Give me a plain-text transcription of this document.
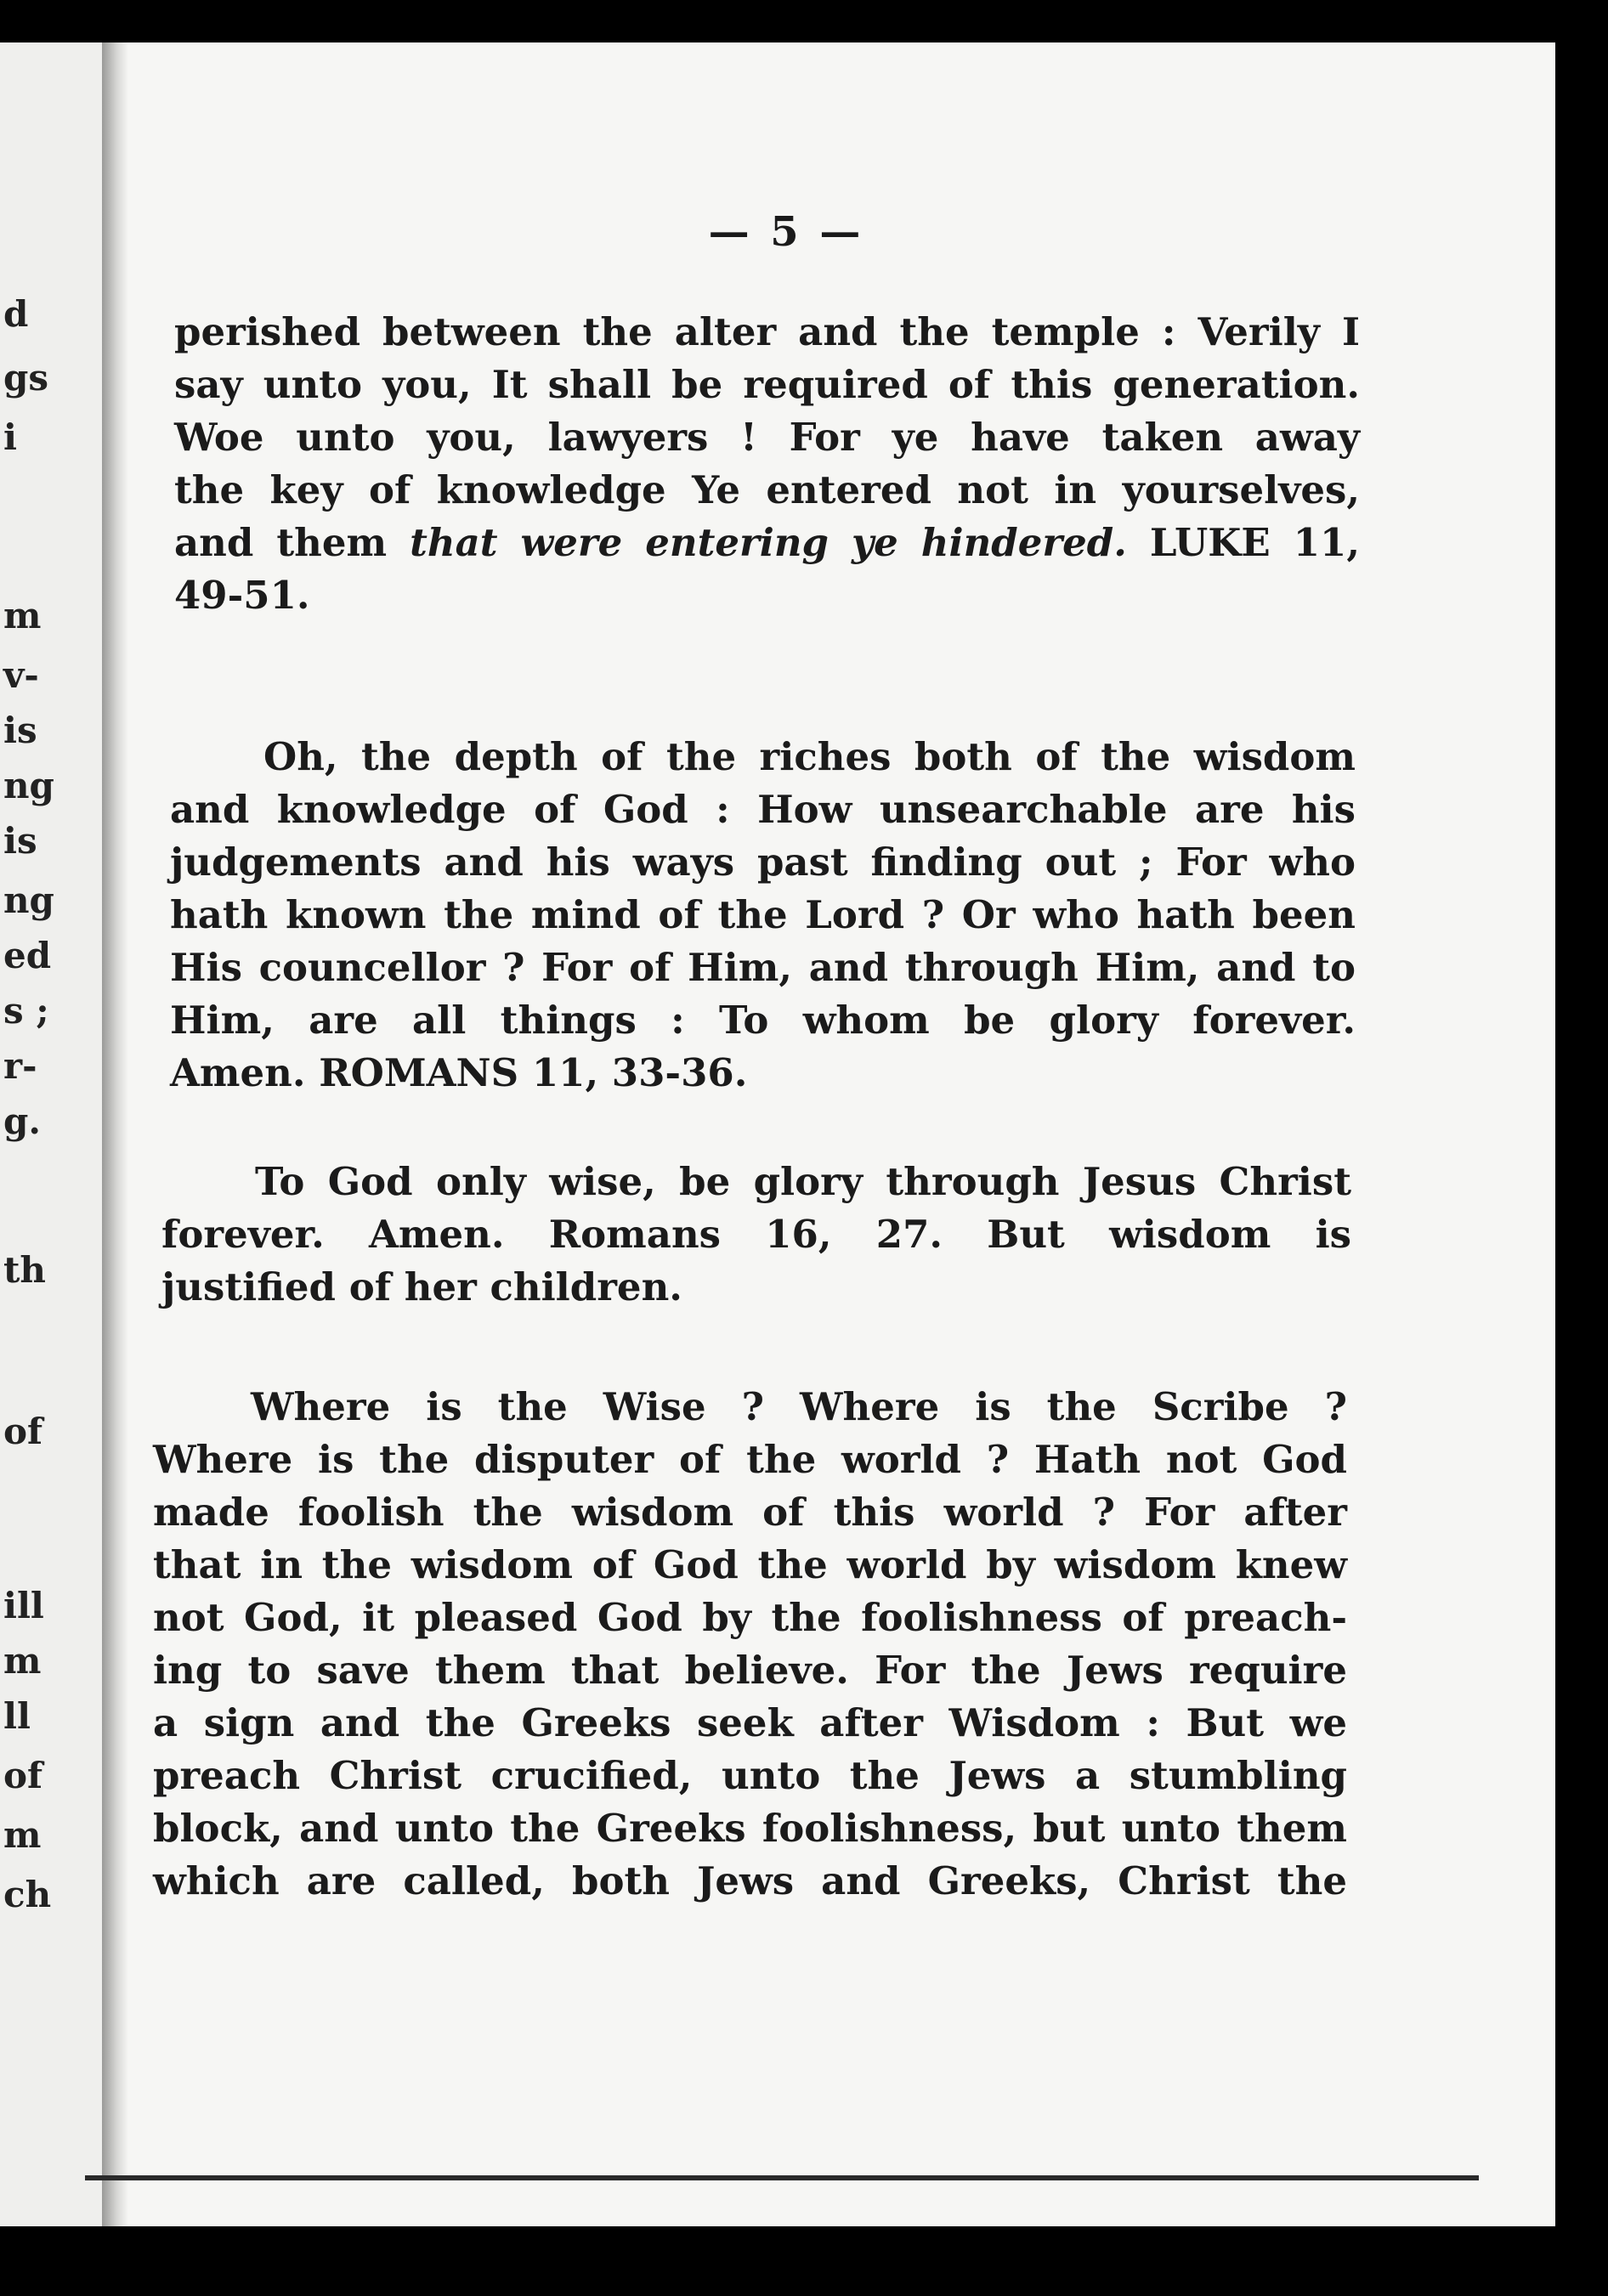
d
gs
i
m
v-
is
ng
is
ng
ed
s ;
r-
g.
th
of
ill
m
ll
of
m
ch
— 5 —
perished between the alter and the temple : Verily I
say unto you, It shall be required of this generation.
Woe unto you, lawyers ! For ye have taken away
the key of knowledge Ye entered not in yourselves,
and them that were entering ye hindered. LUKE 11,
49-51.
Oh, the depth of the riches both of the wisdom
and knowledge of God : How unsearchable are his
judgements and his ways past finding out ; For who
hath known the mind of the Lord ? Or who hath been
His councellor ? For of Him, and through Him, and to
Him, are all things : To whom be glory forever.
Amen. ROMANS 11, 33-36.
To God only wise, be glory through Jesus Christ
forever. Amen. Romans 16, 27. But wisdom is
justified of her children.
Where is the Wise ? Where is the Scribe ?
Where is the disputer of the world ? Hath not God
made foolish the wisdom of this world ? For after
that in the wisdom of God the world by wisdom knew
not God, it pleased God by the foolishness of preach-
ing to save them that believe. For the Jews require
a sign and the Greeks seek after Wisdom : But we
preach Christ crucified, unto the Jews a stumbling
block, and unto the Greeks foolishness, but unto them
which are called, both Jews and Greeks, Christ the
